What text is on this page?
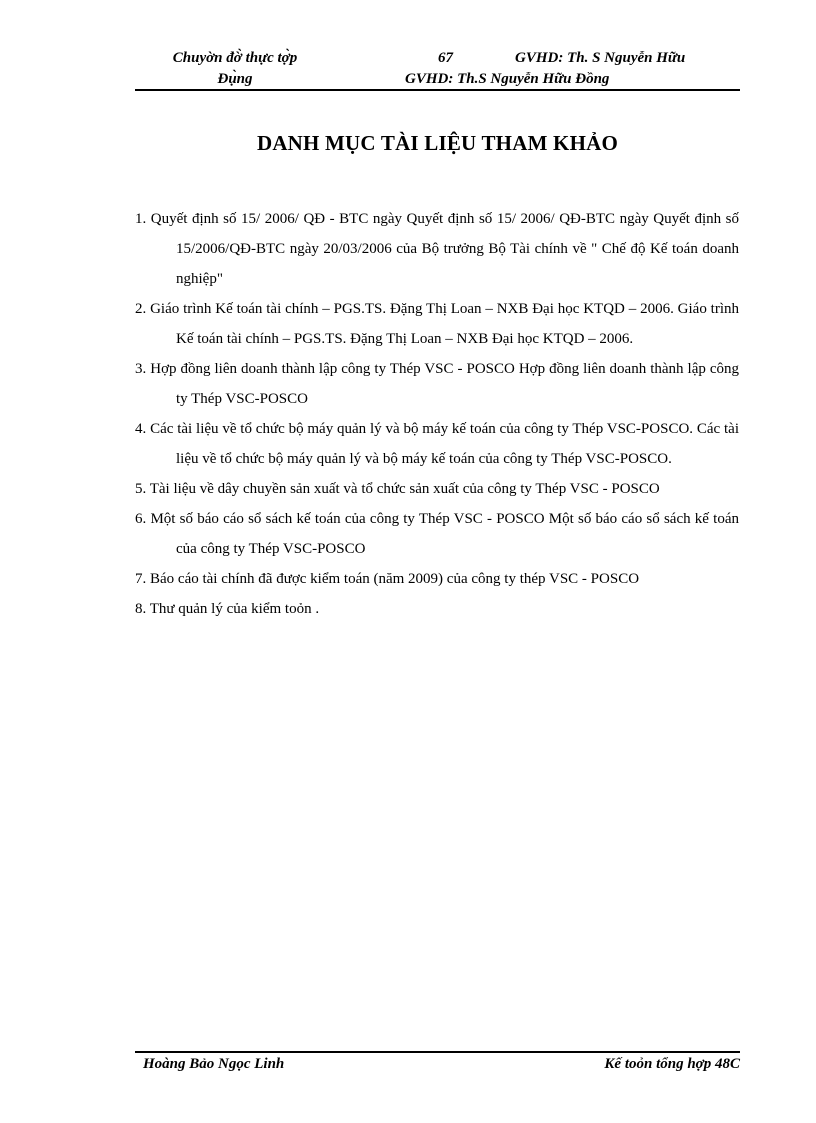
Chuyờn đờ̀ thực tợ̀p
Đụ̀ng
67	GVHD: Th. S Nguyễn Hữu
GVHD: Th.S Nguyễn Hữu Đồng
DANH MỤC TÀI LIỆU THAM KHẢO
1. Quyết định số 15/ 2006/ QĐ - BTC ngày Quyết định số 15/ 2006/ QĐ-BTC ngày Quyết định số 15/2006/QĐ-BTC ngày 20/03/2006 của Bộ trưởng Bộ Tài chính về " Chế độ Kế toán doanh nghiệp"
2. Giáo trình Kế toán tài chính – PGS.TS. Đặng Thị Loan – NXB Đại học KTQD – 2006. Giáo trình Kế toán tài chính – PGS.TS. Đặng Thị Loan – NXB Đại học KTQD – 2006.
3. Hợp đồng liên doanh thành lập công ty Thép VSC - POSCO Hợp đồng liên doanh thành lập công ty Thép VSC-POSCO
4. Các tài liệu về tổ chức bộ máy quản lý và bộ máy kế toán của công ty Thép VSC-POSCO. Các tài liệu về tổ chức bộ máy quản lý và bộ máy kế toán của công ty Thép VSC-POSCO.
5. Tài liệu về dây chuyền sản xuất và tổ chức sản xuất của công ty Thép VSC - POSCO
6. Một số báo cáo sổ sách kế toán của công ty Thép VSC - POSCO Một số báo cáo sổ sách kế toán của công ty Thép VSC-POSCO
7. Báo cáo tài chính đã được kiểm toán (năm 2009) của công ty thép VSC - POSCO
8. Thư quản lý của kiểm toỏn .
Hoàng Bảo Ngọc Linh	Kế toỏn tổng hợp 48C
